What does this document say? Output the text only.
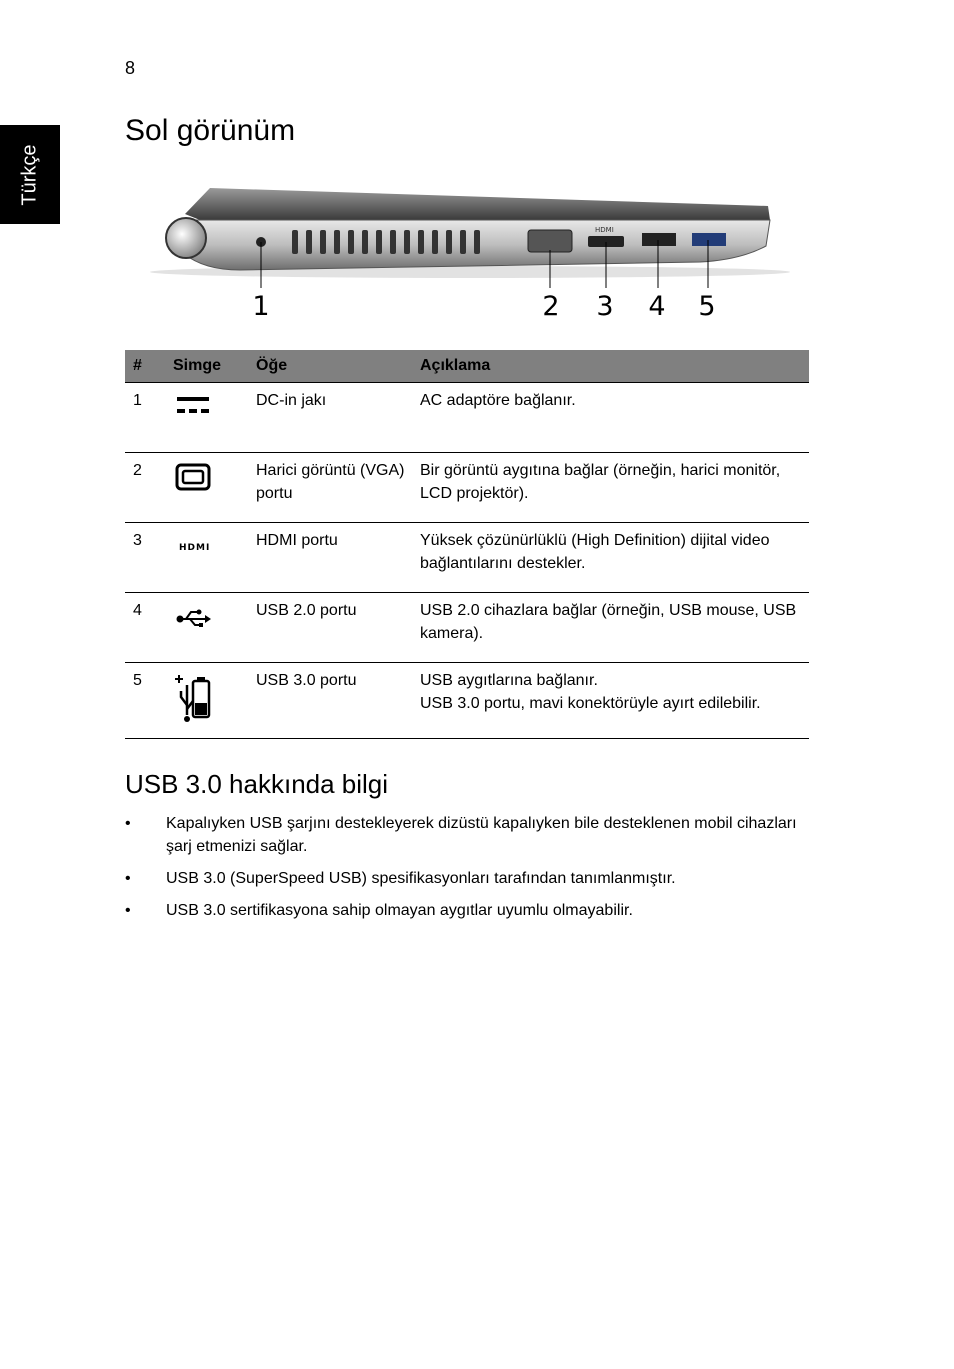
8
Türkçe
Sol görünüm
HDMI
1	2 3 4 5
#	Simge	Öğe	Açıklama
1		DC-in jakı	AC adaptöre bağlanır.
2		Harici görüntü (VGA) portu	Bir görüntü aygıtına bağlar (örneğin, harici monitör, LCD projektör).
3	HDMI	HDMI portu	Yüksek çözünürlüklü (High Definition) dijital video bağlantılarını destekler.
4		USB 2.0 portu	USB 2.0 cihazlara bağlar (örneğin, USB mouse, USB kamera).
5		USB 3.0 portu	USB aygıtlarına bağlanır.
USB 3.0 portu, mavi konektörüyle ayırt edilebilir.
USB 3.0 hakkında bilgi
• Kapalıyken USB şarjını destekleyerek dizüstü kapalıyken bile desteklenen mobil cihazları şarj etmenizi sağlar.
• USB 3.0 (SuperSpeed USB) spesifikasyonları tarafından tanımlanmıştır.
• USB 3.0 sertifikasyona sahip olmayan aygıtlar uyumlu olmayabilir.
